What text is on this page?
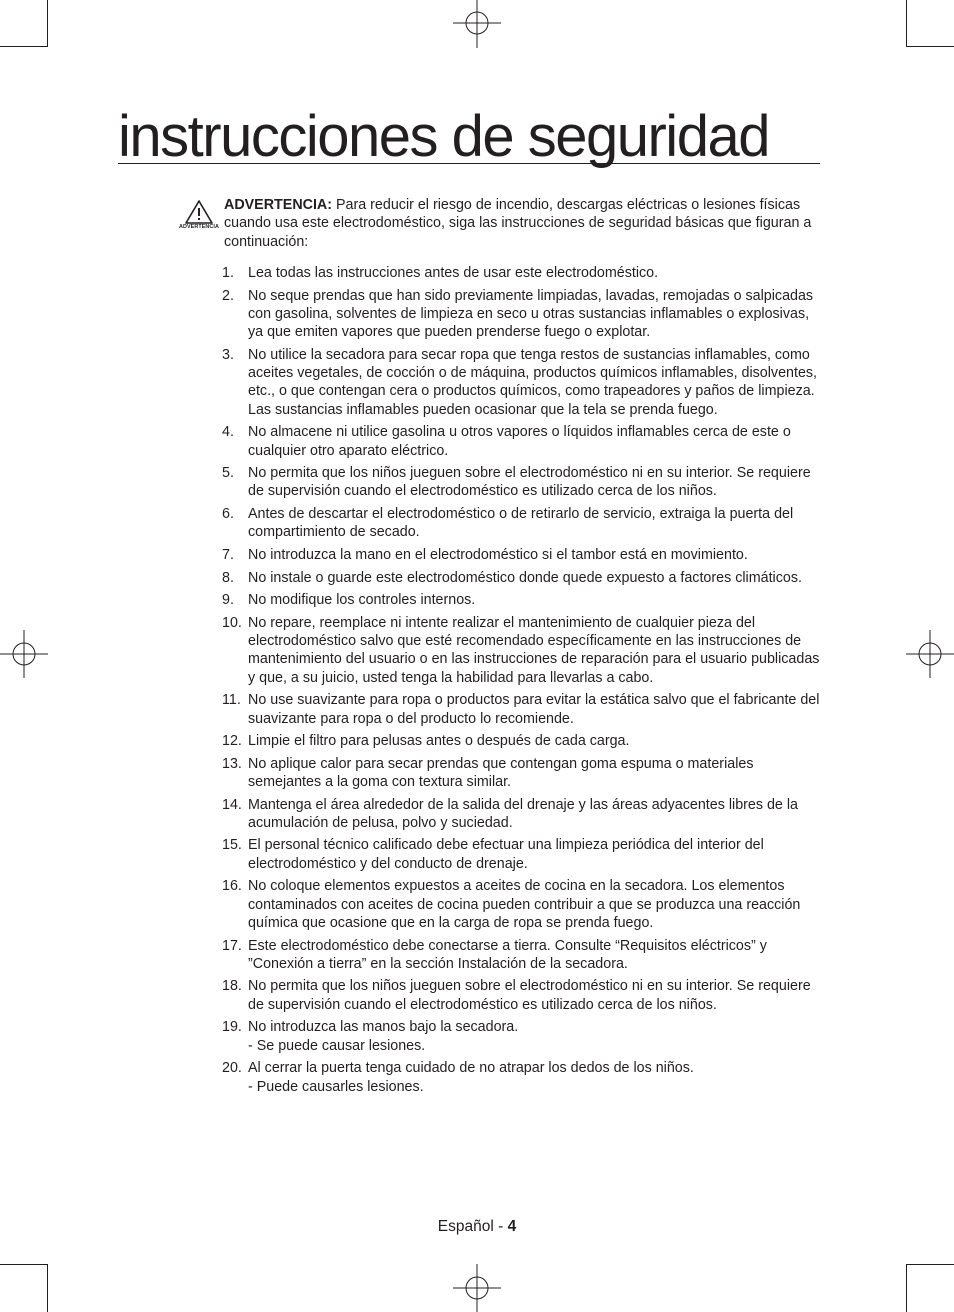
instrucciones de seguridad
ADVERTENCIA
ADVERTENCIA: Para reducir el riesgo de incendio, descargas eléctricas o lesiones físicas cuando usa este electrodoméstico, siga las instrucciones de seguridad básicas que figuran a continuación:
1. Lea todas las instrucciones antes de usar este electrodoméstico.
2. No seque prendas que han sido previamente limpiadas, lavadas, remojadas o salpicadas con gasolina, solventes de limpieza en seco u otras sustancias inflamables o explosivas, ya que emiten vapores que pueden prenderse fuego o explotar.
3. No utilice la secadora para secar ropa que tenga restos de sustancias inflamables, como aceites vegetales, de cocción o de máquina, productos químicos inflamables, disolventes, etc., o que contengan cera o productos químicos, como trapeadores y paños de limpieza. Las sustancias inflamables pueden ocasionar que la tela se prenda fuego.
4. No almacene ni utilice gasolina u otros vapores o líquidos inflamables cerca de este o cualquier otro aparato eléctrico.
5. No permita que los niños jueguen sobre el electrodoméstico ni en su interior. Se requiere de supervisión cuando el electrodoméstico es utilizado cerca de los niños.
6. Antes de descartar el electrodoméstico o de retirarlo de servicio, extraiga la puerta del compartimiento de secado.
7. No introduzca la mano en el electrodoméstico si el tambor está en movimiento.
8. No instale o guarde este electrodoméstico donde quede expuesto a factores climáticos.
9. No modifique los controles internos.
10. No repare, reemplace ni intente realizar el mantenimiento de cualquier pieza del electrodoméstico salvo que esté recomendado específicamente en las instrucciones de mantenimiento del usuario o en las instrucciones de reparación para el usuario publicadas y que, a su juicio, usted tenga la habilidad para llevarlas a cabo.
11. No use suavizante para ropa o productos para evitar la estática salvo que el fabricante del suavizante para ropa o del producto lo recomiende.
12. Limpie el filtro para pelusas antes o después de cada carga.
13. No aplique calor para secar prendas que contengan goma espuma o materiales semejantes a la goma con textura similar.
14. Mantenga el área alrededor de la salida del drenaje y las áreas adyacentes libres de la acumulación de pelusa, polvo y suciedad.
15. El personal técnico calificado debe efectuar una limpieza periódica del interior del electrodoméstico y del conducto de drenaje.
16. No coloque elementos expuestos a aceites de cocina en la secadora. Los elementos contaminados con aceites de cocina pueden contribuir a que se produzca una reacción química que ocasione que en la carga de ropa se prenda fuego.
17. Este electrodoméstico debe conectarse a tierra. Consulte “Requisitos eléctricos” y ”Conexión a tierra” en la sección Instalación de la secadora.
18. No permita que los niños jueguen sobre el electrodoméstico ni en su interior. Se requiere de supervisión cuando el electrodoméstico es utilizado cerca de los niños.
19. No introduzca las manos bajo la secadora.
- Se puede causar lesiones.
20. Al cerrar la puerta tenga cuidado de no atrapar los dedos de los niños.
- Puede causarles lesiones.
Español - 4
